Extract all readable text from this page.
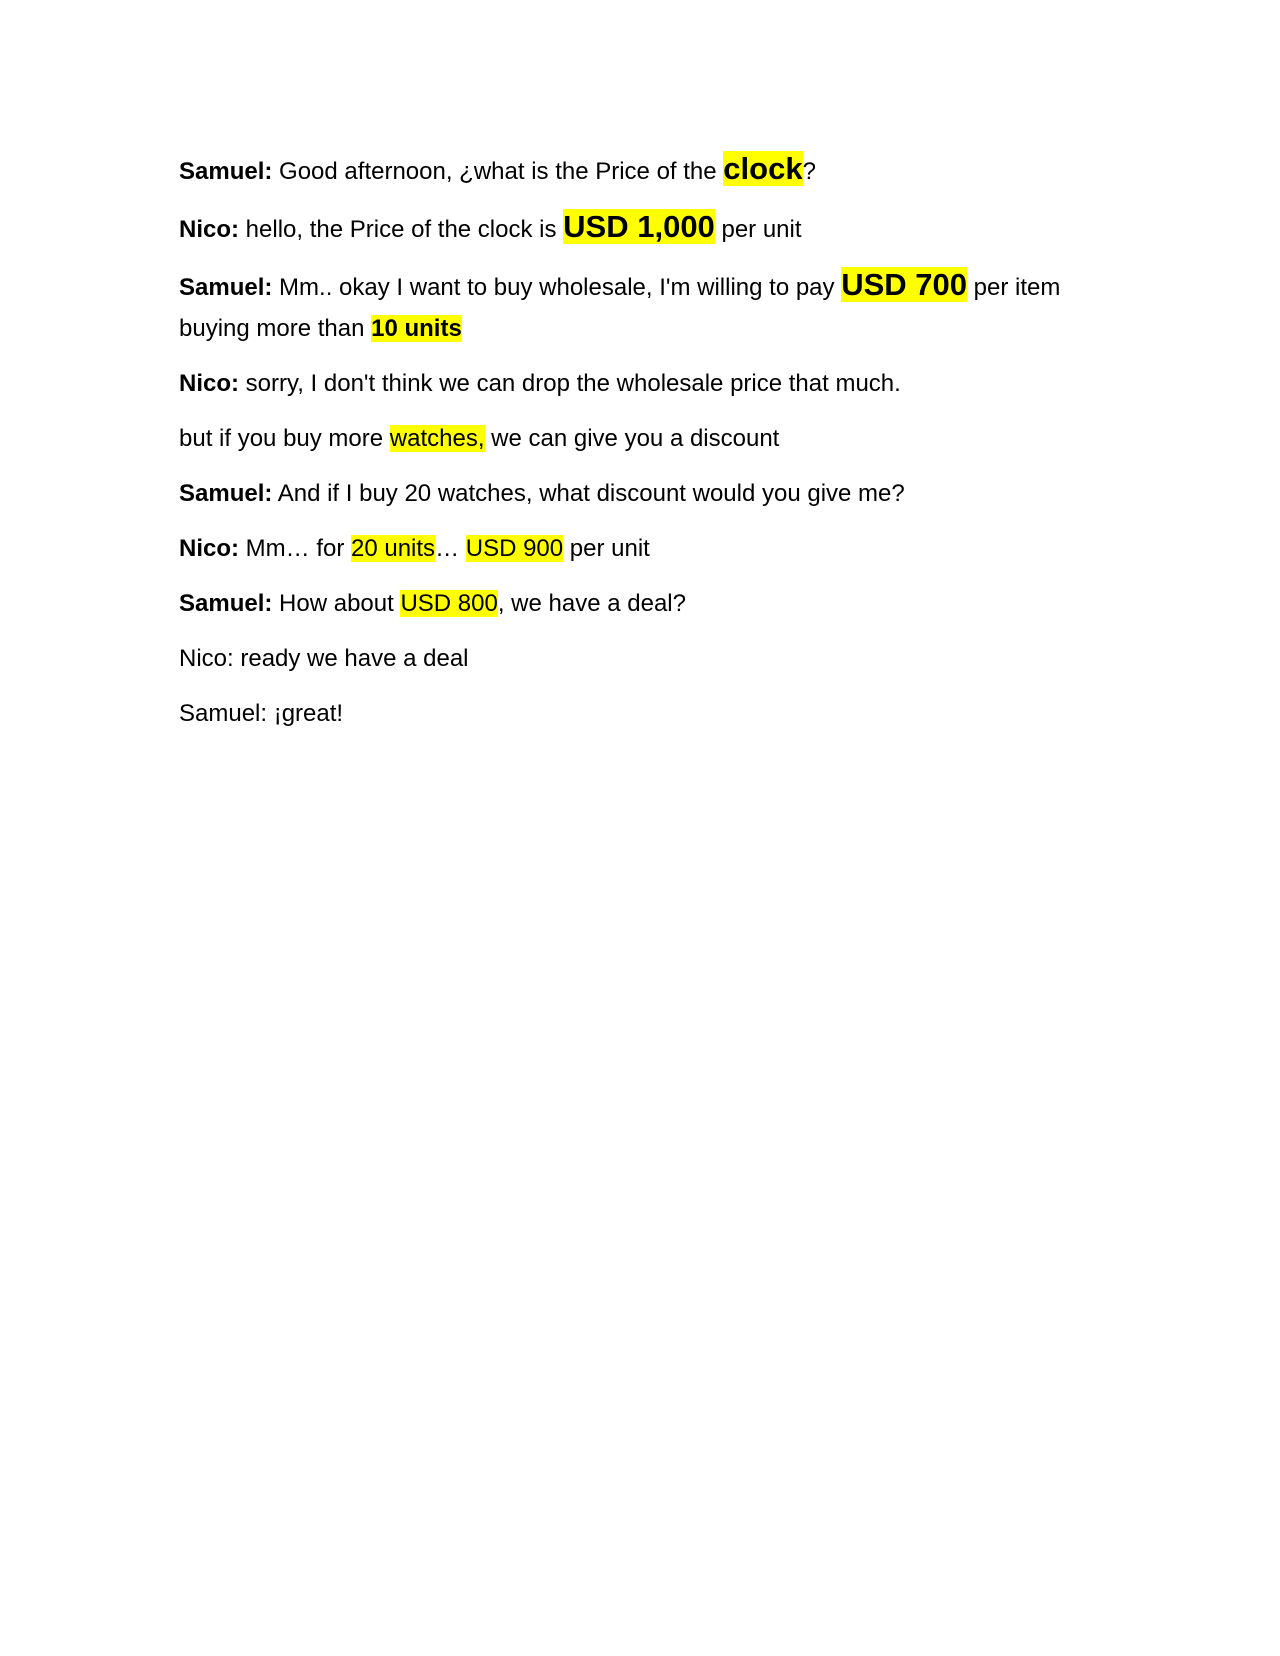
Samuel: Good afternoon, ¿what is the Price of the clock?

Nico: hello, the Price of the clock is USD 1,000 per unit

Samuel: Mm.. okay I want to buy wholesale, I'm willing to pay USD 700 per item buying more than 10 units

Nico: sorry, I don't think we can drop the wholesale price that much.

but if you buy more watches, we can give you a discount

Samuel: And if I buy 20 watches, what discount would you give me?

Nico: Mm… for 20 units… USD 900 per unit

Samuel: How about USD 800, we have a deal?

Nico: ready we have a deal

Samuel: ¡great!
